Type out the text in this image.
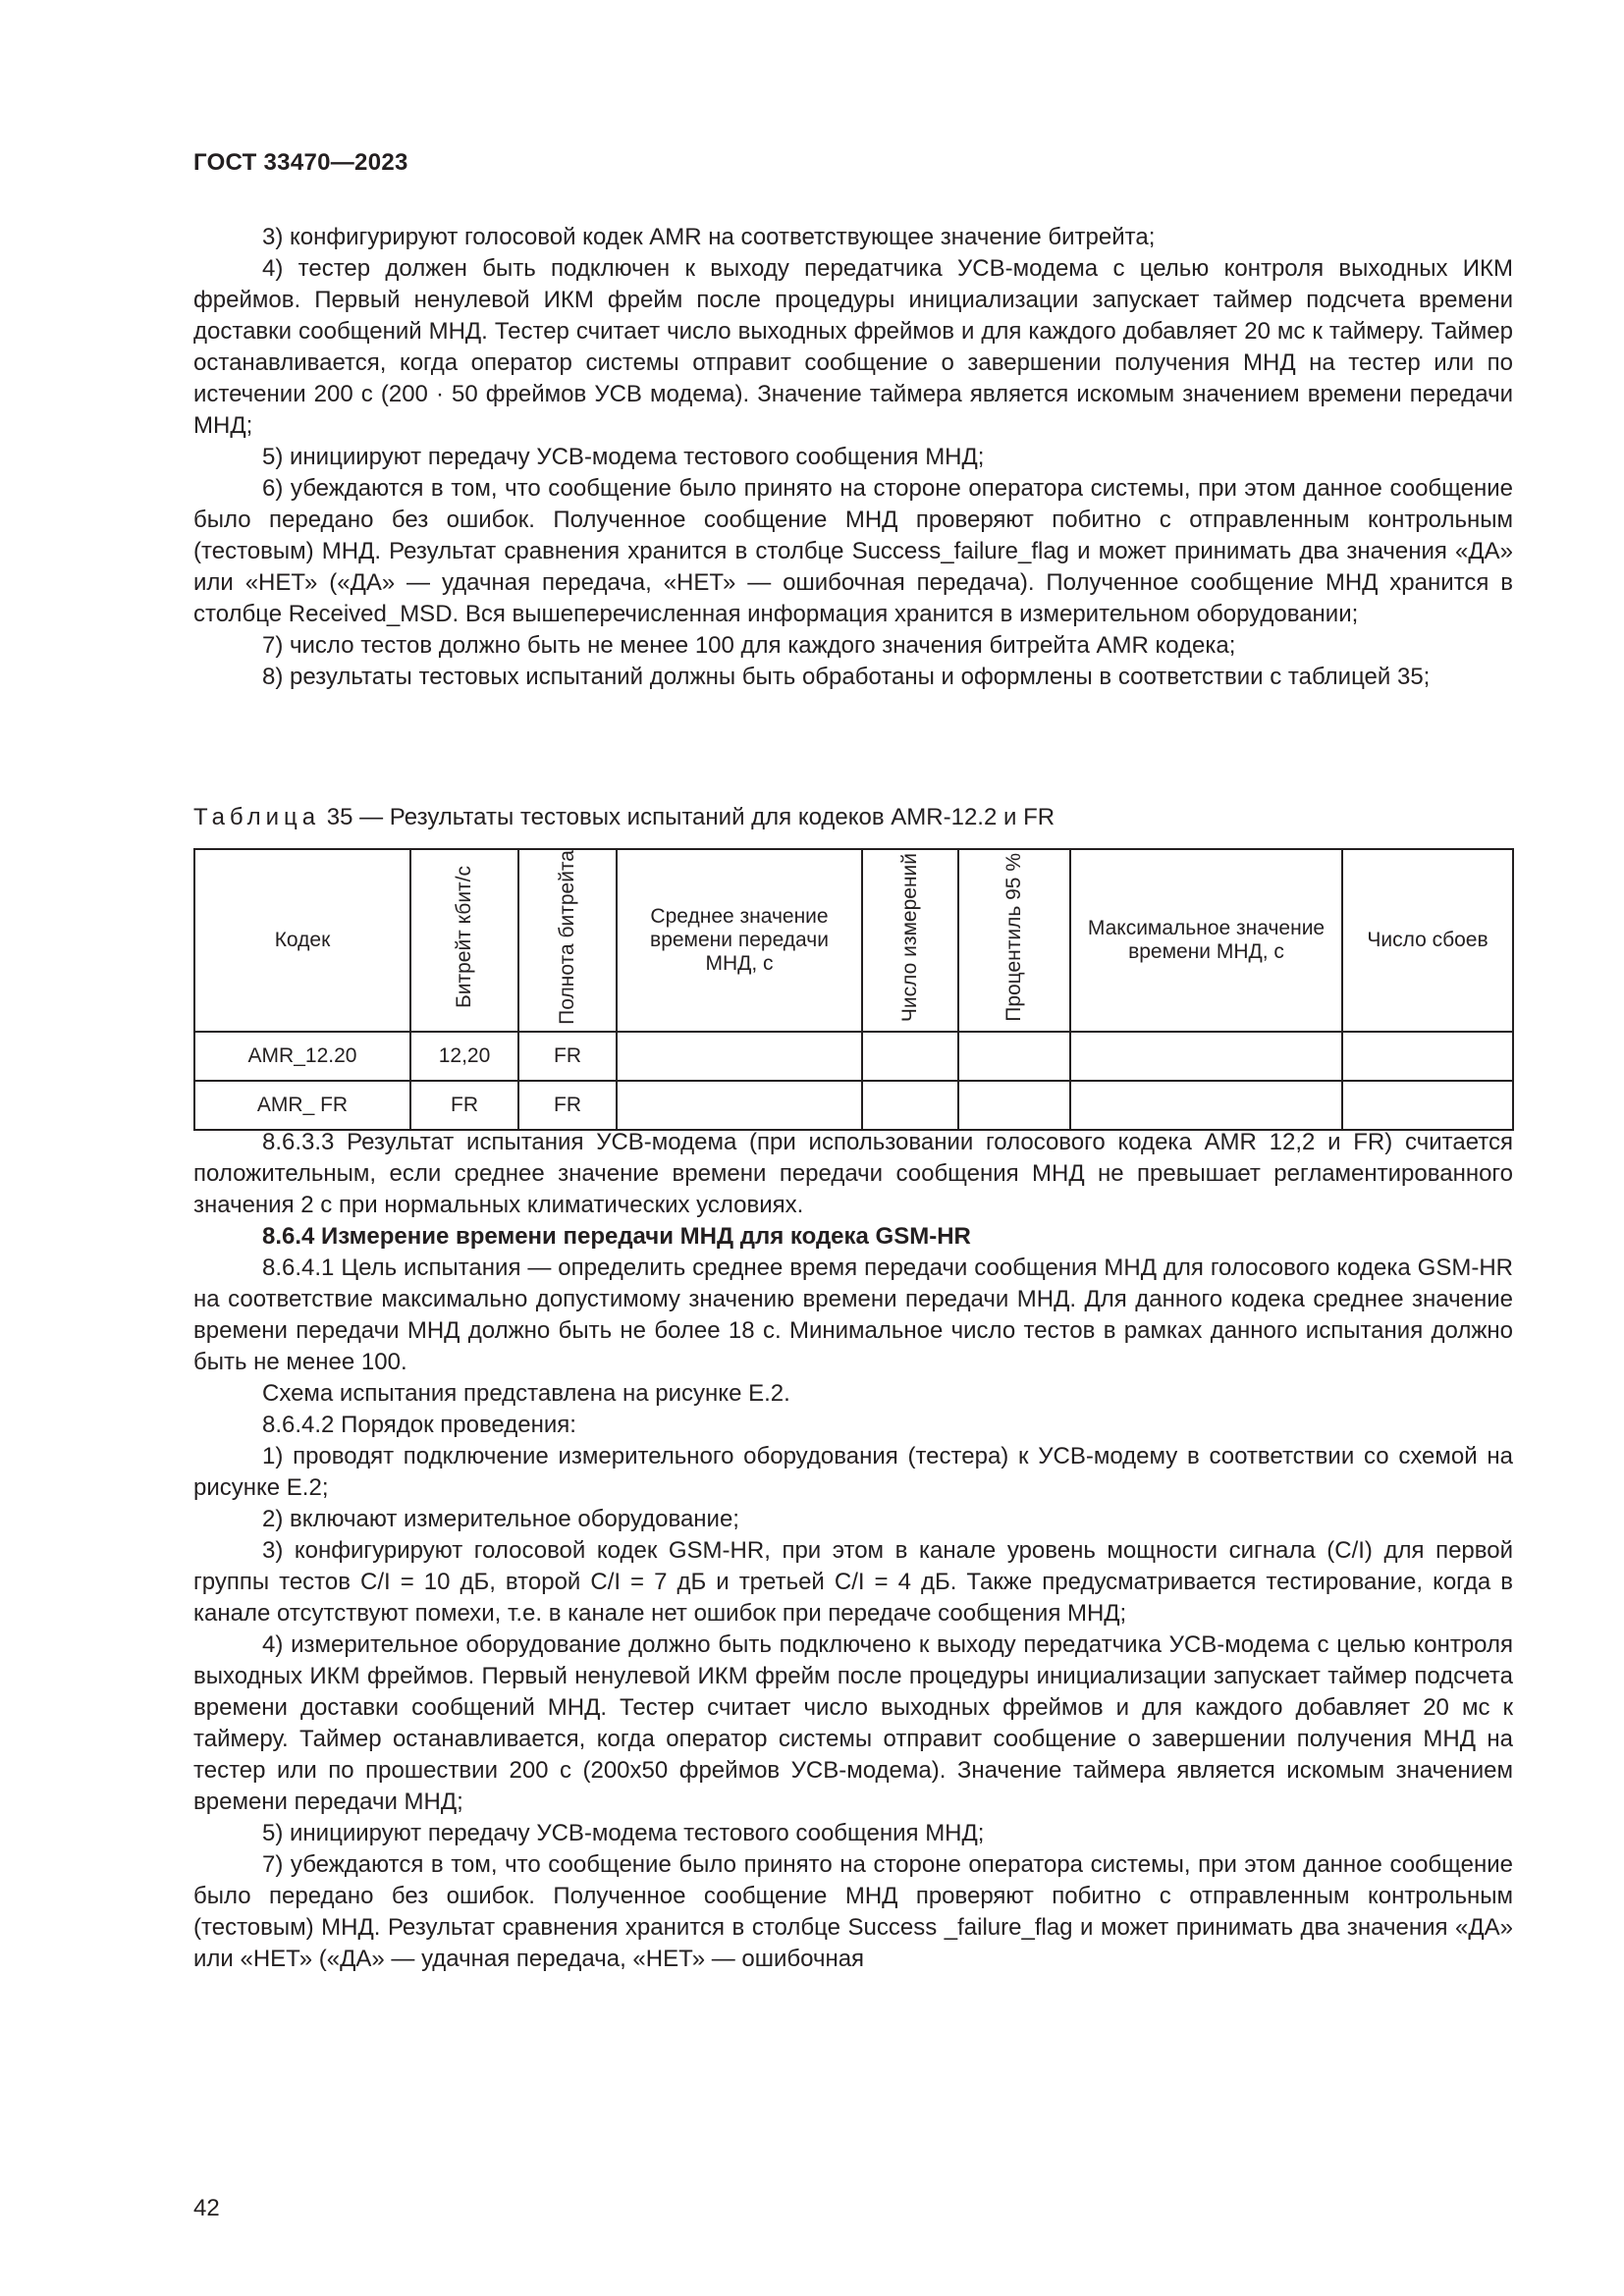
ГОСТ 33470—2023

3) конфигурируют голосовой кодек AMR на соответствующее значение битрейта;

4) тестер должен быть подключен к выходу передатчика УСВ-модема с целью контроля выходных ИКМ фреймов. Первый ненулевой ИКМ фрейм после процедуры инициализации запускает таймер подсчета времени доставки сообщений МНД. Тестер считает число выходных фреймов и для каждого добавляет 20 мс к таймеру. Таймер останавливается, когда оператор системы отправит сообщение о завершении получения МНД на тестер или по истечении 200 с (200 · 50 фреймов УСВ модема). Значение таймера является искомым значением времени передачи МНД;

5) инициируют передачу УСВ-модема тестового сообщения МНД;

6) убеждаются в том, что сообщение было принято на стороне оператора системы, при этом данное сообщение было передано без ошибок. Полученное сообщение МНД проверяют побитно с отправленным контрольным (тестовым) МНД. Результат сравнения хранится в столбце Success_failure_flag и может принимать два значения «ДА» или «НЕТ» («ДА» — удачная передача, «НЕТ» — ошибочная передача). Полученное сообщение МНД хранится в столбце Received_MSD. Вся вышеперечисленная информация хранится в измерительном оборудовании;

7) число тестов должно быть не менее 100 для каждого значения битрейта AMR кодека;

8) результаты тестовых испытаний должны быть обработаны и оформлены в соответствии с таблицей 35;

Таблица 35 — Результаты тестовых испытаний для кодеков AMR-12.2 и FR
Кодек	Битрейт кбит/с	Полнота битрейта	Среднее значение времени передачи МНД, с	Число измерений	Процентиль 95 %	Максимальное значение времени МНД, с	Число сбоев
AMR_12.20	12,20	FR					
AMR_ FR	FR	FR					

8.6.3.3 Результат испытания УСВ-модема (при использовании голосового кодека AMR 12,2 и FR) считается положительным, если среднее значение времени передачи сообщения МНД не превышает регламентированного значения 2 с при нормальных климатических условиях.

8.6.4 Измерение времени передачи МНД для кодека GSM-HR

8.6.4.1 Цель испытания — определить среднее время передачи сообщения МНД для голосового кодека GSM-HR на соответствие максимально допустимому значению времени передачи МНД. Для данного кодека среднее значение времени передачи МНД должно быть не более 18 с. Минимальное число тестов в рамках данного испытания должно быть не менее 100.

Схема испытания представлена на рисунке Е.2.

8.6.4.2 Порядок проведения:

1) проводят подключение измерительного оборудования (тестера) к УСВ-модему в соответствии со схемой на рисунке Е.2;

2) включают измерительное оборудование;

3) конфигурируют голосовой кодек GSM-HR, при этом в канале уровень мощности сигнала (C/I) для первой группы тестов C/I = 10 дБ, второй C/I = 7 дБ и третьей C/I = 4 дБ. Также предусматривается тестирование, когда в канале отсутствуют помехи, т.е. в канале нет ошибок при передаче сообщения МНД;

4) измерительное оборудование должно быть подключено к выходу передатчика УСВ-модема с целью контроля выходных ИКМ фреймов. Первый ненулевой ИКМ фрейм после процедуры инициализации запускает таймер подсчета времени доставки сообщений МНД. Тестер считает число выходных фреймов и для каждого добавляет 20 мс к таймеру. Таймер останавливается, когда оператор системы отправит сообщение о завершении получения МНД на тестер или по прошествии 200 с (200x50 фреймов УСВ-модема). Значение таймера является искомым значением времени передачи МНД;

5) инициируют передачу УСВ-модема тестового сообщения МНД;

7) убеждаются в том, что сообщение было принято на стороне оператора системы, при этом данное сообщение было передано без ошибок. Полученное сообщение МНД проверяют побитно с отправленным контрольным (тестовым) МНД. Результат сравнения хранится в столбце Success _failure_flag и может принимать два значения «ДА» или «НЕТ» («ДА» — удачная передача, «НЕТ» — ошибочная

42
